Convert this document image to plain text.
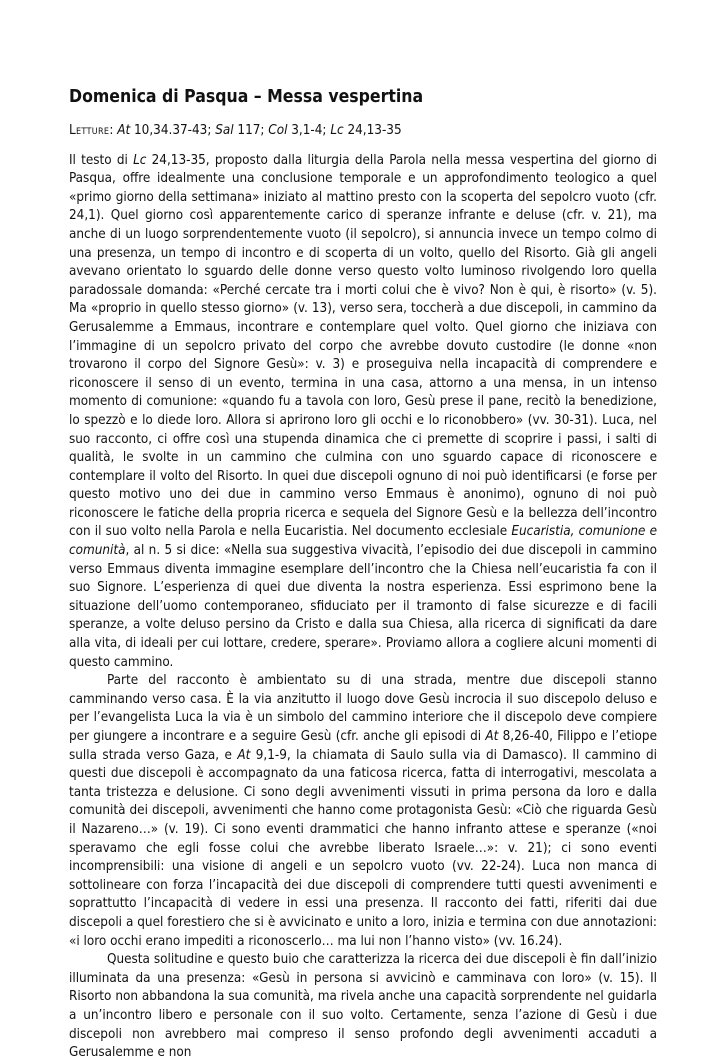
Domenica di Pasqua – Messa vespertina
Letture: At 10,34.37-43; Sal 117; Col 3,1-4; Lc 24,13-35

Il testo di Lc 24,13-35, proposto dalla liturgia della Parola nella messa vespertina del giorno di Pasqua, offre idealmente una conclusione temporale e un approfondimento teologico a quel «primo giorno della settimana» iniziato al mattino presto con la scoperta del sepolcro vuoto (cfr. 24,1). Quel giorno così apparentemente carico di speranze infrante e deluse (cfr. v. 21), ma anche di un luogo sorprendentemente vuoto (il sepolcro), si annuncia invece un tempo colmo di una presenza, un tempo di incontro e di scoperta di un volto, quello del Risorto. Già gli angeli avevano orientato lo sguardo delle donne verso questo volto luminoso rivolgendo loro quella paradossale domanda: «Perché cercate tra i morti colui che è vivo? Non è qui, è risorto» (v. 5). Ma «proprio in quello stesso giorno» (v. 13), verso sera, toccherà a due discepoli, in cammino da Gerusalemme a Emmaus, incontrare e contemplare quel volto. Quel giorno che iniziava con l’immagine di un sepolcro privato del corpo che avrebbe dovuto custodire (le donne «non trovarono il corpo del Signore Gesù»: v. 3) e proseguiva nella incapacità di comprendere e riconoscere il senso di un evento, termina in una casa, attorno a una mensa, in un intenso momento di comunione: «quando fu a tavola con loro, Gesù prese il pane, recitò la benedizione, lo spezzò e lo diede loro. Allora si aprirono loro gli occhi e lo riconobbero» (vv. 30-31). Luca, nel suo racconto, ci offre così una stupenda dinamica che ci premette di scoprire i passi, i salti di qualità, le svolte in un cammino che culmina con uno sguardo capace di riconoscere e contemplare il volto del Risorto. In quei due discepoli ognuno di noi può identificarsi (e forse per questo motivo uno dei due in cammino verso Emmaus è anonimo), ognuno di noi può riconoscere le fatiche della propria ricerca e sequela del Signore Gesù e la bellezza dell’incontro con il suo volto nella Parola e nella Eucaristia. Nel documento ecclesiale Eucaristia, comunione e comunità, al n. 5 si dice: «Nella sua suggestiva vivacità, l’episodio dei due discepoli in cammino verso Emmaus diventa immagine esemplare dell’incontro che la Chiesa nell’eucaristia fa con il suo Signore. L’esperienza di quei due diventa la nostra esperienza. Essi esprimono bene la situazione dell’uomo contemporaneo, sfiduciato per il tramonto di false sicurezze e di facili speranze, a volte deluso persino da Cristo e dalla sua Chiesa, alla ricerca di significati da dare alla vita, di ideali per cui lottare, credere, sperare». Proviamo allora a cogliere alcuni momenti di questo cammino.

Parte del racconto è ambientato su di una strada, mentre due discepoli stanno camminando verso casa. È la via anzitutto il luogo dove Gesù incrocia il suo discepolo deluso e per l’evangelista Luca la via è un simbolo del cammino interiore che il discepolo deve compiere per giungere a incontrare e a seguire Gesù (cfr. anche gli episodi di At 8,26-40, Filippo e l’etiope sulla strada verso Gaza, e At 9,1-9, la chiamata di Saulo sulla via di Damasco). Il cammino di questi due discepoli è accompagnato da una faticosa ricerca, fatta di interrogativi, mescolata a tanta tristezza e delusione. Ci sono degli avvenimenti vissuti in prima persona da loro e dalla comunità dei discepoli, avvenimenti che hanno come protagonista Gesù: «Ciò che riguarda Gesù il Nazareno…» (v. 19). Ci sono eventi drammatici che hanno infranto attese e speranze («noi speravamo che egli fosse colui che avrebbe liberato Israele…»: v. 21); ci sono eventi incomprensibili: una visione di angeli e un sepolcro vuoto (vv. 22-24). Luca non manca di sottolineare con forza l’incapacità dei due discepoli di comprendere tutti questi avvenimenti e soprattutto l’incapacità di vedere in essi una presenza. Il racconto dei fatti, riferiti dai due discepoli a quel forestiero che si è avvicinato e unito a loro, inizia e termina con due annotazioni: «i loro occhi erano impediti a riconoscerlo… ma lui non l’hanno visto» (vv. 16.24).

Questa solitudine e questo buio che caratterizza la ricerca dei due discepoli è fin dall’inizio illuminata da una presenza: «Gesù in persona si avvicinò e camminava con loro» (v. 15). Il Risorto non abbandona la sua comunità, ma rivela anche una capacità sorprendente nel guidarla a un’incontro libero e personale con il suo volto. Certamente, senza l’azione di Gesù i due discepoli non avrebbero mai compreso il senso profondo degli avvenimenti accaduti a Gerusalemme e non
